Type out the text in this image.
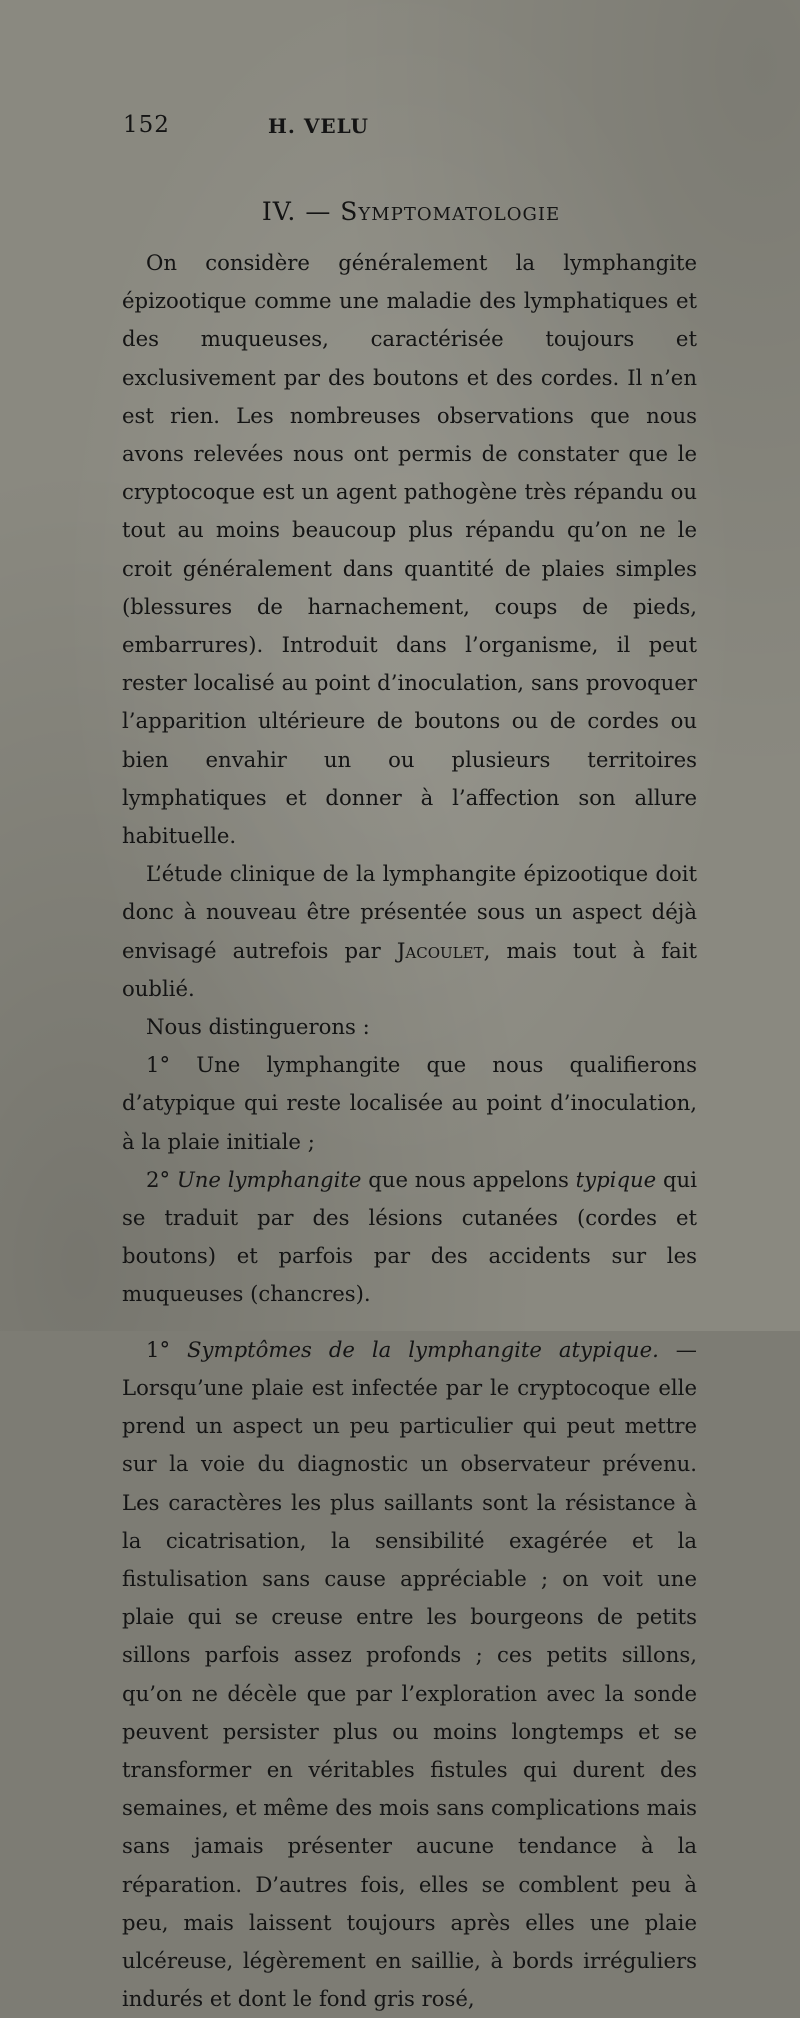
152	H. VELU
IV. — Symptomatologie

On considère généralement la lymphangite épizootique comme une maladie des lymphatiques et des muqueuses, caractérisée toujours et exclusivement par des boutons et des cordes. Il n’en est rien. Les nombreuses observations que nous avons relevées nous ont permis de constater que le cryptocoque est un agent pathogène très répandu ou tout au moins beaucoup plus répandu qu’on ne le croit généralement dans quantité de plaies simples (blessures de harnachement, coups de pieds, embarrures). Introduit dans l’organisme, il peut rester localisé au point d’inoculation, sans provoquer l’apparition ultérieure de boutons ou de cordes ou bien envahir un ou plusieurs territoires lymphatiques et donner à l’affection son allure habituelle.

L’étude clinique de la lymphangite épizootique doit donc à nouveau être présentée sous un aspect déjà envisagé autrefois par Jacoulet, mais tout à fait oublié.

Nous distinguerons :

1° Une lymphangite que nous qualifierons d’atypique qui reste localisée au point d’inoculation, à la plaie initiale ;

2° Une lymphangite que nous appelons typique qui se traduit par des lésions cutanées (cordes et boutons) et parfois par des accidents sur les muqueuses (chancres).

1° Symptômes de la lymphangite atypique. — Lorsqu’une plaie est infectée par le cryptocoque elle prend un aspect un peu particulier qui peut mettre sur la voie du diagnostic un observateur prévenu. Les caractères les plus saillants sont la résistance à la cicatrisation, la sensibilité exagérée et la fistulisation sans cause appréciable ; on voit une plaie qui se creuse entre les bourgeons de petits sillons parfois assez profonds ; ces petits sillons, qu’on ne décèle que par l’exploration avec la sonde peuvent persister plus ou moins longtemps et se transformer en véritables fistules qui durent des semaines, et même des mois sans complications mais sans jamais présenter aucune tendance à la réparation. D’autres fois, elles se comblent peu à peu, mais laissent toujours après elles une plaie ulcéreuse, légèrement en saillie, à bords irréguliers indurés et dont le fond gris rosé,
